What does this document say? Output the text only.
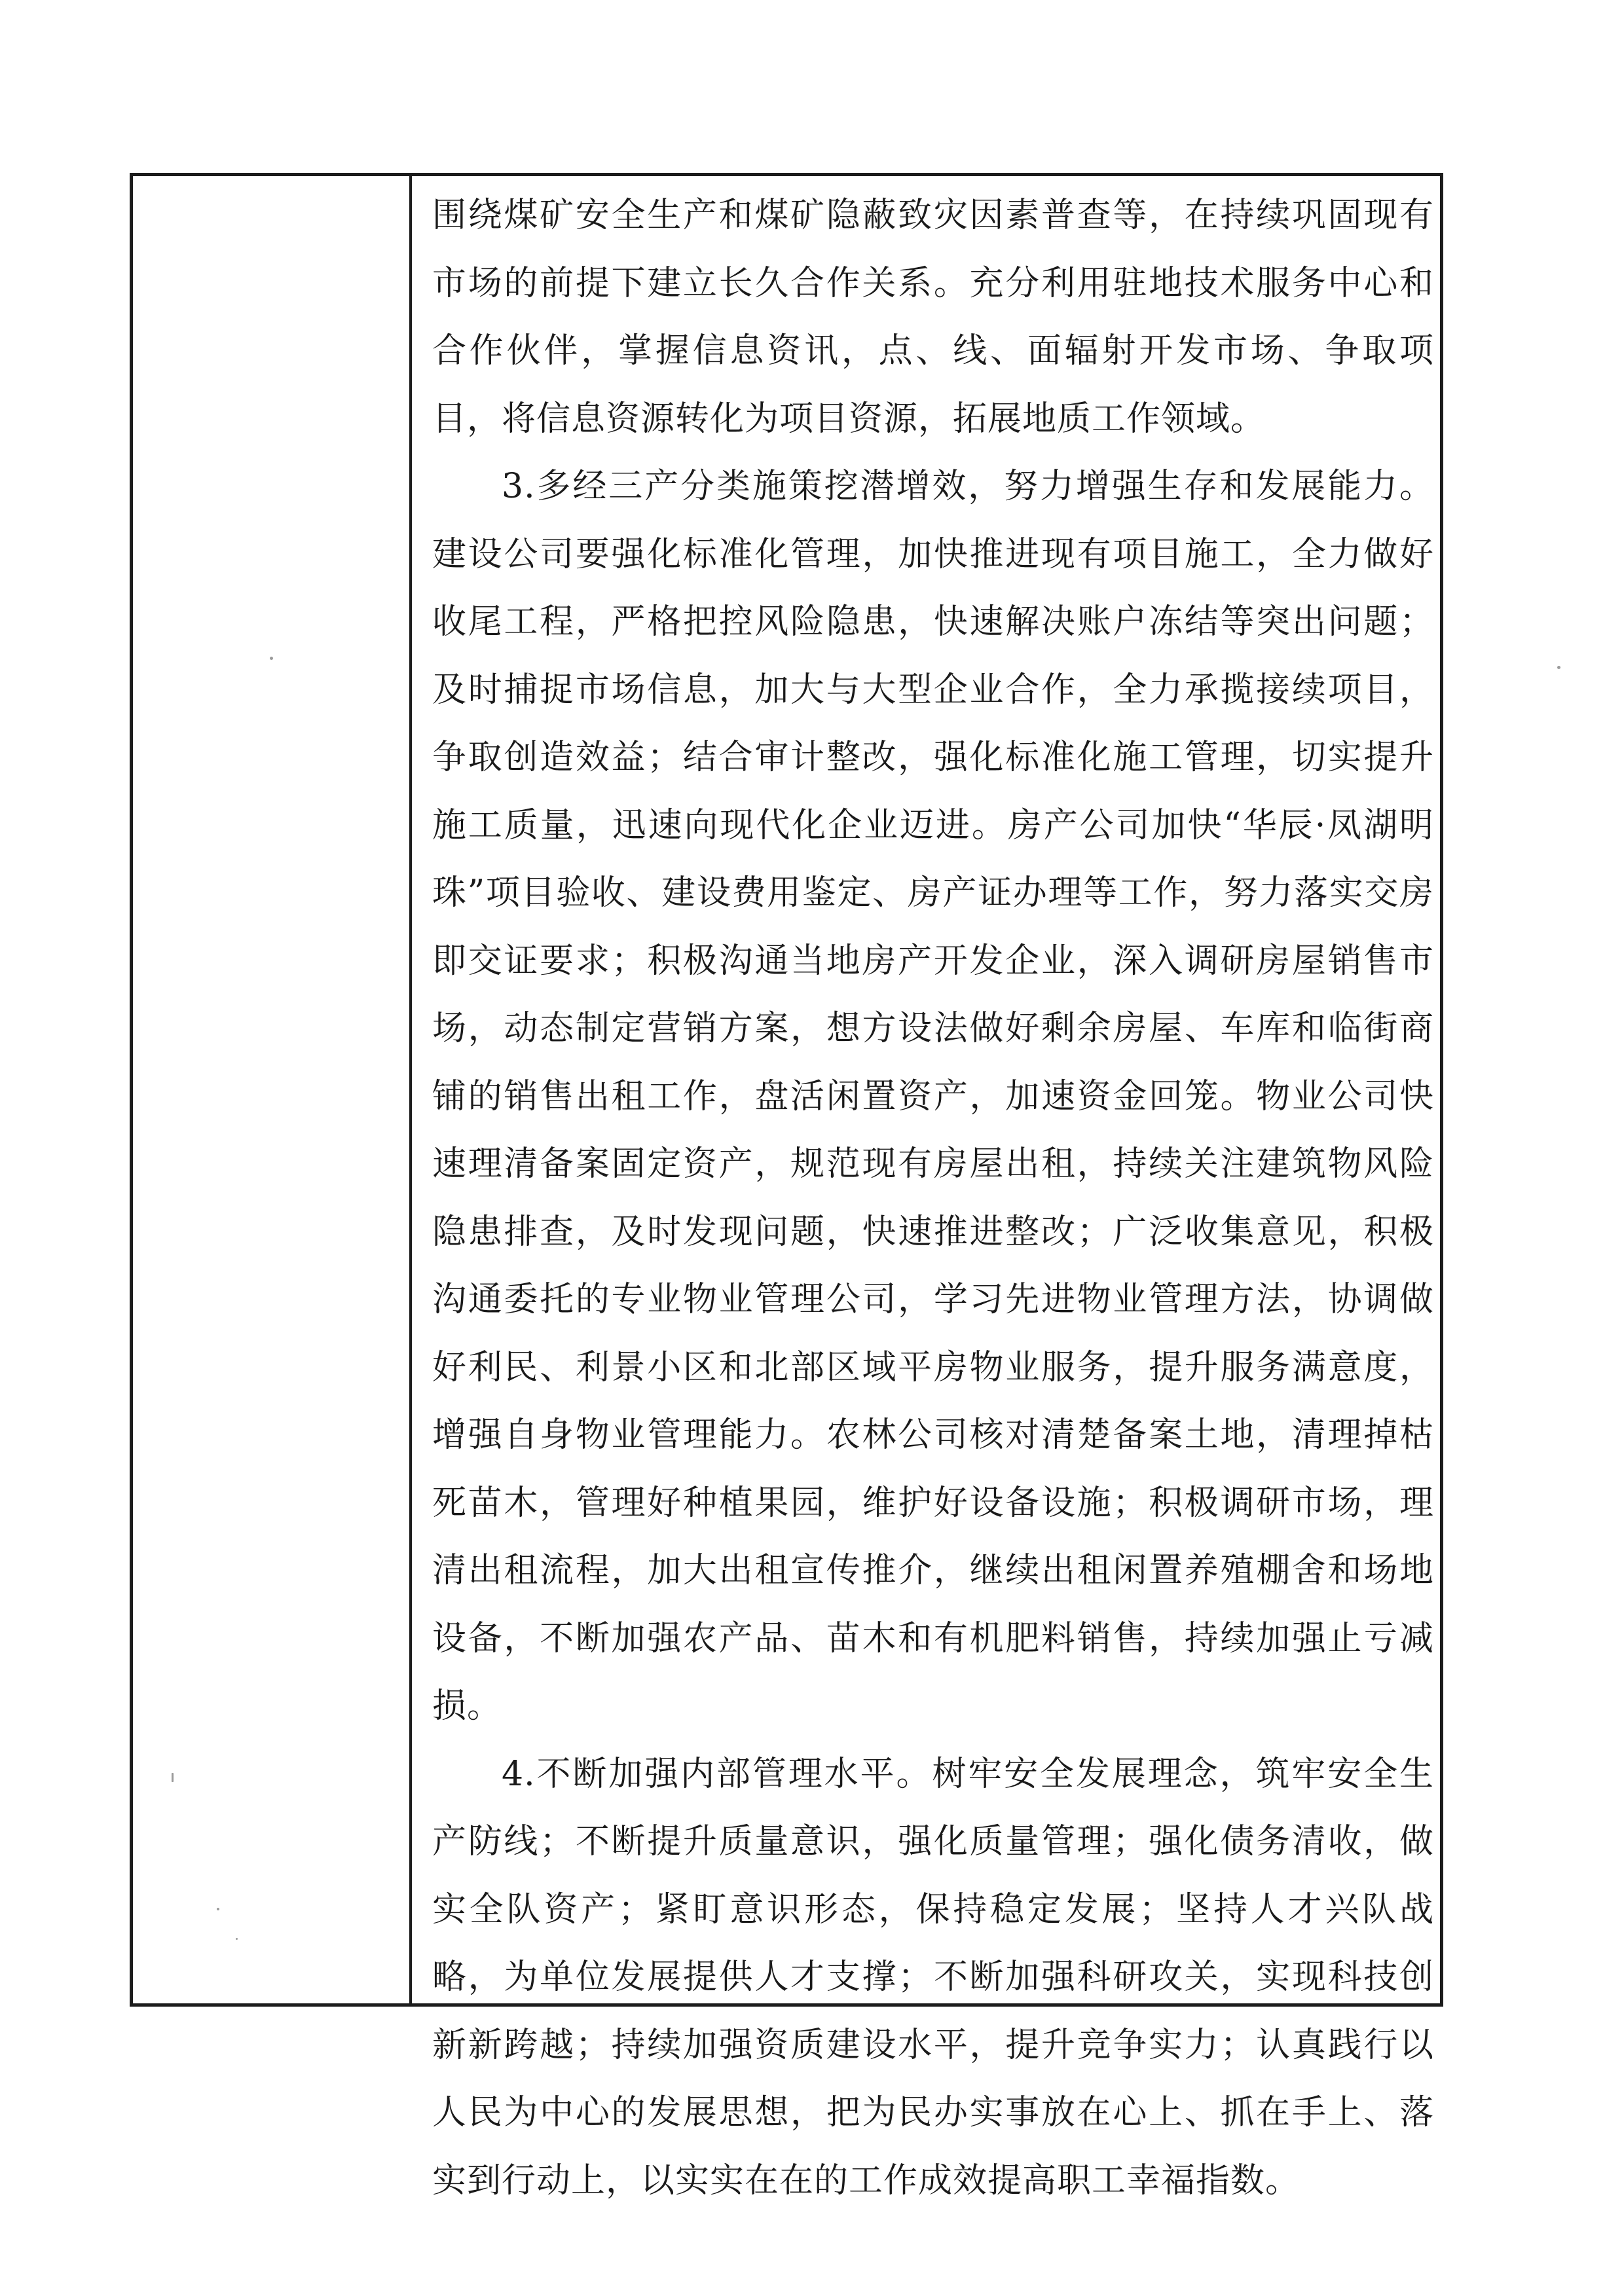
围绕煤矿安全生产和煤矿隐蔽致灾因素普查等，在持续巩固现有市场的前提下建立长久合作关系。充分利用驻地技术服务中心和合作伙伴，掌握信息资讯，点、线、面辐射开发市场、争取项目，将信息资源转化为项目资源，拓展地质工作领域。

3.多经三产分类施策挖潜增效，努力增强生存和发展能力。建设公司要强化标准化管理，加快推进现有项目施工，全力做好收尾工程，严格把控风险隐患，快速解决账户冻结等突出问题；及时捕捉市场信息，加大与大型企业合作，全力承揽接续项目，争取创造效益；结合审计整改，强化标准化施工管理，切实提升施工质量，迅速向现代化企业迈进。房产公司加快“华辰·凤湖明珠”项目验收、建设费用鉴定、房产证办理等工作，努力落实交房即交证要求；积极沟通当地房产开发企业，深入调研房屋销售市场，动态制定营销方案，想方设法做好剩余房屋、车库和临街商铺的销售出租工作，盘活闲置资产，加速资金回笼。物业公司快速理清备案固定资产，规范现有房屋出租，持续关注建筑物风险隐患排查，及时发现问题，快速推进整改；广泛收集意见，积极沟通委托的专业物业管理公司，学习先进物业管理方法，协调做好利民、利景小区和北部区域平房物业服务，提升服务满意度，增强自身物业管理能力。农林公司核对清楚备案土地，清理掉枯死苗木，管理好种植果园，维护好设备设施；积极调研市场，理清出租流程，加大出租宣传推介，继续出租闲置养殖棚舍和场地设备，不断加强农产品、苗木和有机肥料销售，持续加强止亏减损。

4.不断加强内部管理水平。树牢安全发展理念，筑牢安全生产防线；不断提升质量意识，强化质量管理；强化债务清收，做实全队资产；紧盯意识形态，保持稳定发展；坚持人才兴队战略，为单位发展提供人才支撑；不断加强科研攻关，实现科技创新新跨越；持续加强资质建设水平，提升竞争实力；认真践行以人民为中心的发展思想，把为民办实事放在心上、抓在手上、落实到行动上，以实实在在的工作成效提高职工幸福指数。
